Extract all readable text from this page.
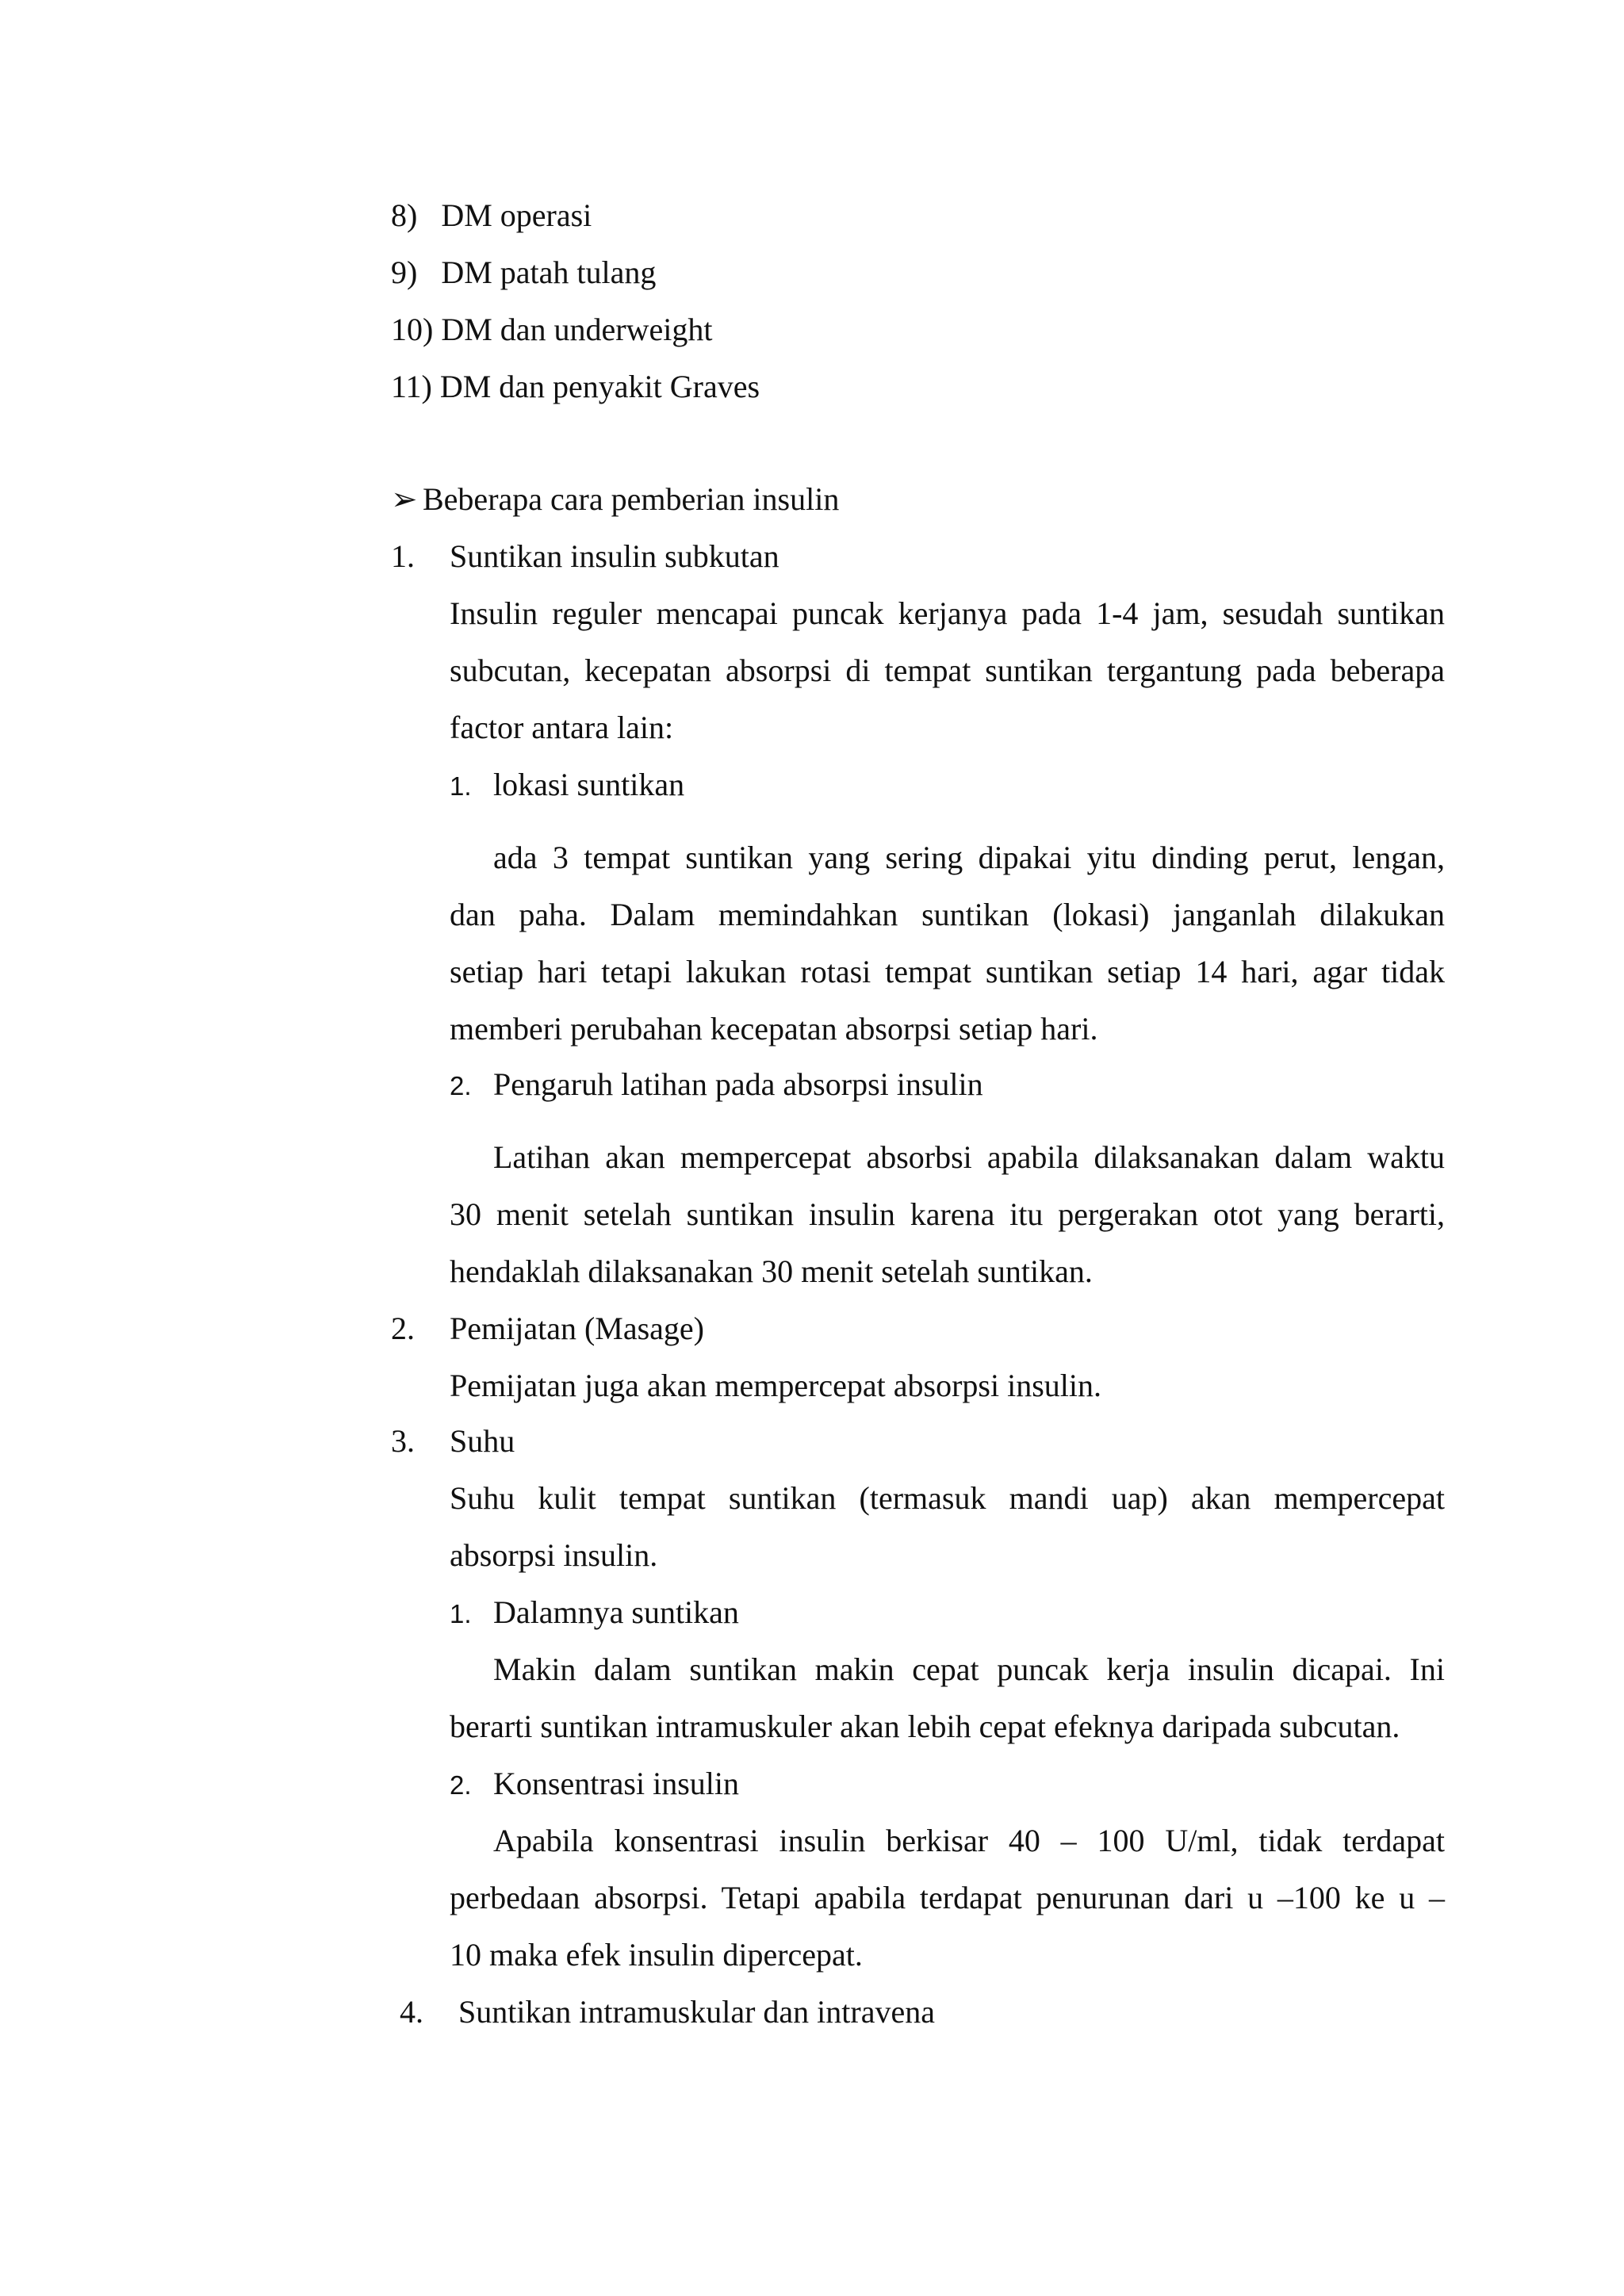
8) DM operasi
9) DM patah tulang
10) DM dan underweight
11) DM dan penyakit Graves
➢ Beberapa cara pemberian insulin
1. Suntikan insulin subkutan
Insulin reguler mencapai puncak kerjanya pada 1-4 jam, sesudah suntikan
subcutan, kecepatan absorpsi di tempat suntikan tergantung pada beberapa
factor antara lain:
1. lokasi suntikan
ada 3 tempat suntikan yang sering dipakai yitu dinding perut, lengan,
dan paha. Dalam memindahkan suntikan (lokasi) janganlah dilakukan
setiap hari tetapi lakukan rotasi tempat suntikan setiap 14 hari, agar tidak
memberi perubahan kecepatan absorpsi setiap hari.
2. Pengaruh latihan pada absorpsi insulin
Latihan akan mempercepat absorbsi apabila dilaksanakan dalam waktu
30 menit setelah suntikan insulin karena itu pergerakan otot yang berarti,
hendaklah dilaksanakan 30 menit setelah suntikan.
2. Pemijatan (Masage)
Pemijatan juga akan mempercepat absorpsi insulin.
3. Suhu
Suhu kulit tempat suntikan (termasuk mandi uap) akan mempercepat
absorpsi insulin.
1. Dalamnya suntikan
Makin dalam suntikan makin cepat puncak kerja insulin dicapai. Ini
berarti suntikan intramuskuler akan lebih cepat efeknya daripada subcutan.
2. Konsentrasi insulin
Apabila konsentrasi insulin berkisar 40 – 100 U/ml, tidak terdapat
perbedaan absorpsi. Tetapi apabila terdapat penurunan dari u –100 ke u –
10 maka efek insulin dipercepat.
4. Suntikan intramuskular dan intravena
